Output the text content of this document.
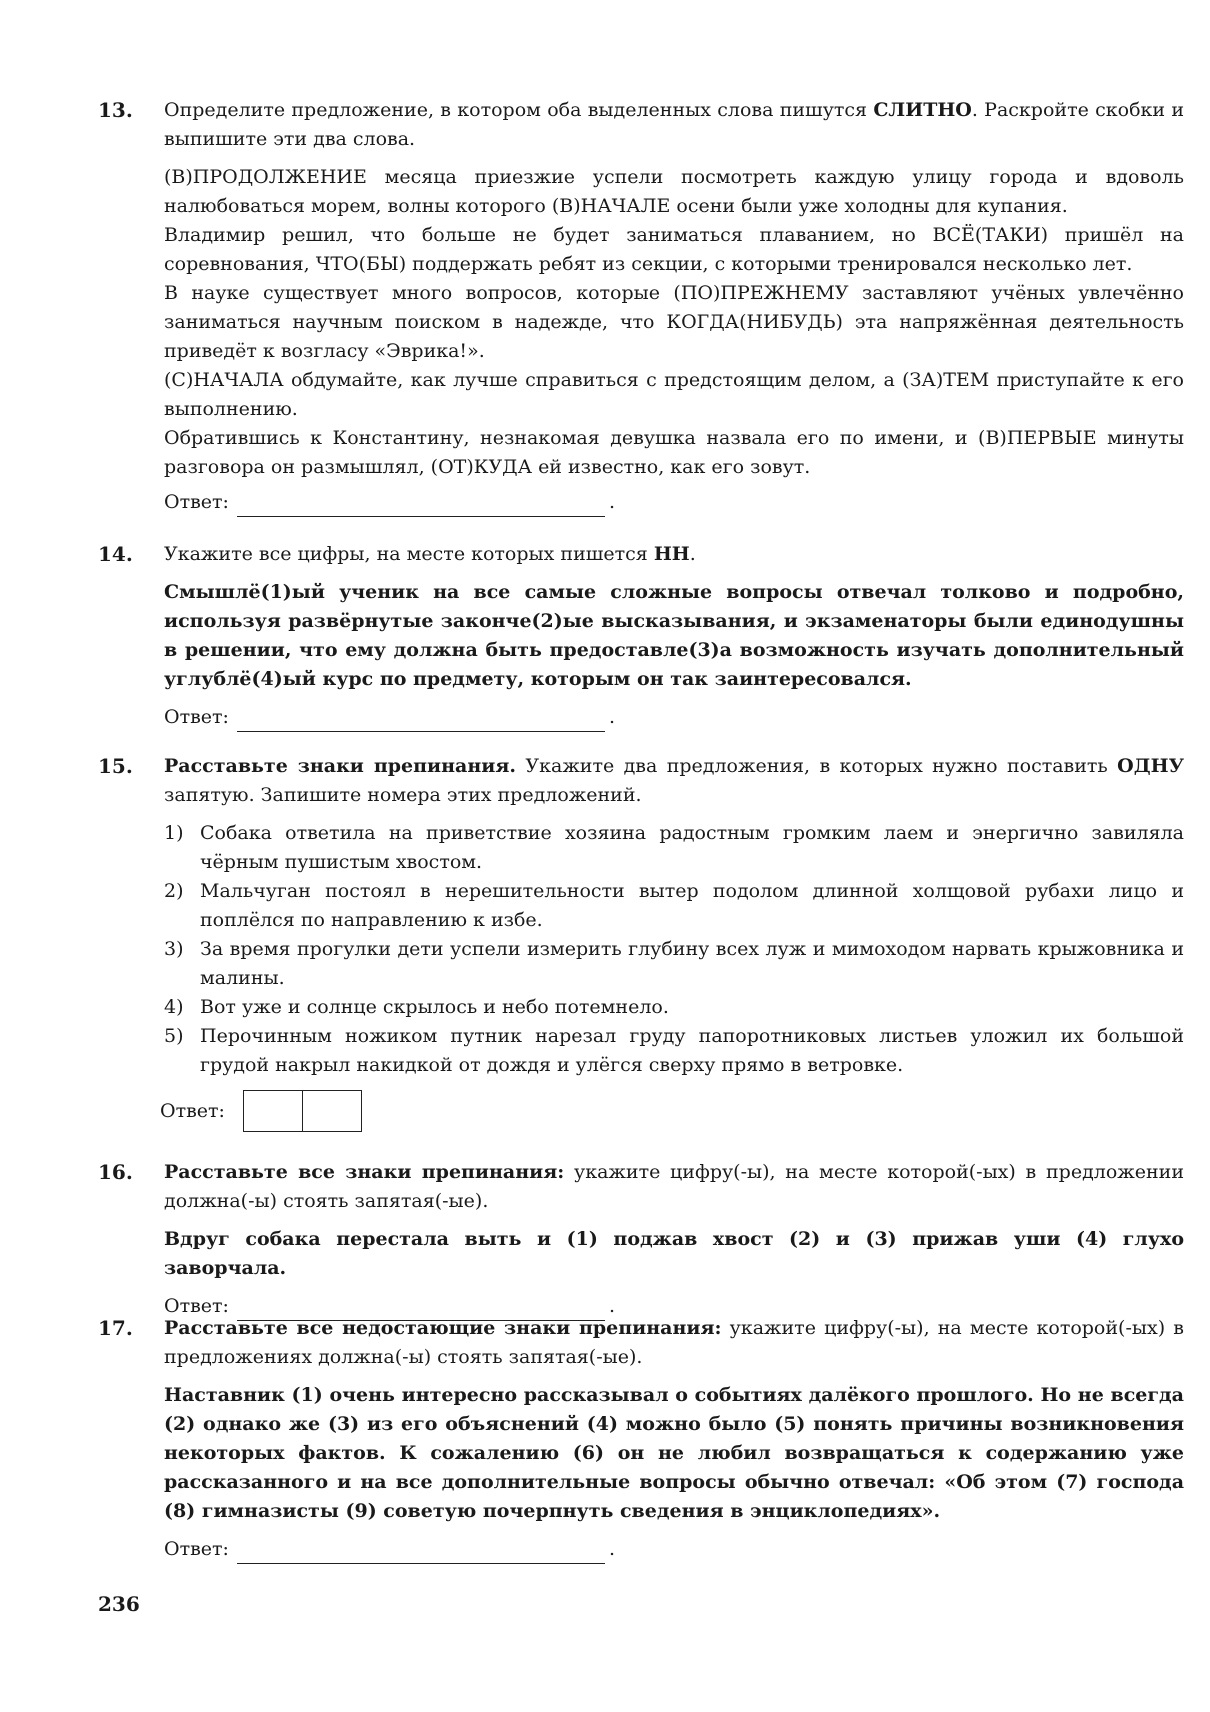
13. Определите предложение, в котором оба выделенных слова пишутся СЛИТНО. Раскройте скобки и выпишите эти два слова.

(В)ПРОДОЛЖЕНИЕ месяца приезжие успели посмотреть каждую улицу города и вдоволь налюбоваться морем, волны которого (В)НАЧАЛЕ осени были уже холодны для купания.
Владимир решил, что больше не будет заниматься плаванием, но ВСЁ(ТАКИ) пришёл на соревнования, ЧТО(БЫ) поддержать ребят из секции, с которыми тренировался несколько лет.
В науке существует много вопросов, которые (ПО)ПРЕЖНЕМУ заставляют учёных увлечённо заниматься научным поиском в надежде, что КОГДА(НИБУДЬ) эта напряжённая деятельность приведёт к возгласу «Эврика!».
(С)НАЧАЛА обдумайте, как лучше справиться с предстоящим делом, а (ЗА)ТЕМ приступайте к его выполнению.
Обратившись к Константину, незнакомая девушка назвала его по имени, и (В)ПЕРВЫЕ минуты разговора он размышлял, (ОТ)КУДА ей известно, как его зовут.
Ответ:	.
14. Укажите все цифры, на месте которых пишется НН.

Смышлё(1)ый ученик на все самые сложные вопросы отвечал толково и подробно, используя развёрнутые законче(2)ые высказывания, и экзаменаторы были единодушны в решении, что ему должна быть предоставле(3)а возможность изучать дополнительный углублё(4)ый курс по предмету, которым он так заинтересовался.

Ответ:	.
15. Расставьте знаки препинания. Укажите два предложения, в которых нужно поставить ОДНУ запятую. Запишите номера этих предложений.

1) Собака ответила на приветствие хозяина радостным громким лаем и энергично завиляла чёрным пушистым хвостом.
2) Мальчуган постоял в нерешительности вытер подолом длинной холщовой рубахи лицо и поплёлся по направлению к избе.
3) За время прогулки дети успели измерить глубину всех луж и мимоходом нарвать крыжовника и малины.
4) Вот уже и солнце скрылось и небо потемнело.
5) Перочинным ножиком путник нарезал груду папоротниковых листьев уложил их большой грудой накрыл накидкой от дождя и улёгся сверху прямо в ветровке.
Ответ:
16. Расставьте все знаки препинания: укажите цифру(-ы), на месте которой(-ых) в предложении должна(-ы) стоять запятая(-ые).

Вдруг собака перестала выть и (1) поджав хвост (2) и (3) прижав уши (4) глухо заворчала.

Ответ:	.
17. Расставьте все недостающие знаки препинания: укажите цифру(-ы), на месте которой(-ых) в предложениях должна(-ы) стоять запятая(-ые).

Наставник (1) очень интересно рассказывал о событиях далёкого прошлого. Но не всегда (2) однако же (3) из его объяснений (4) можно было (5) понять причины возникновения некоторых фактов. К сожалению (6) он не любил возвращаться к содержанию уже рассказанного и на все дополнительные вопросы обычно отвечал: «Об этом (7) господа (8) гимназисты (9) советую почерпнуть сведения в энциклопедиях».

Ответ:	.
236
